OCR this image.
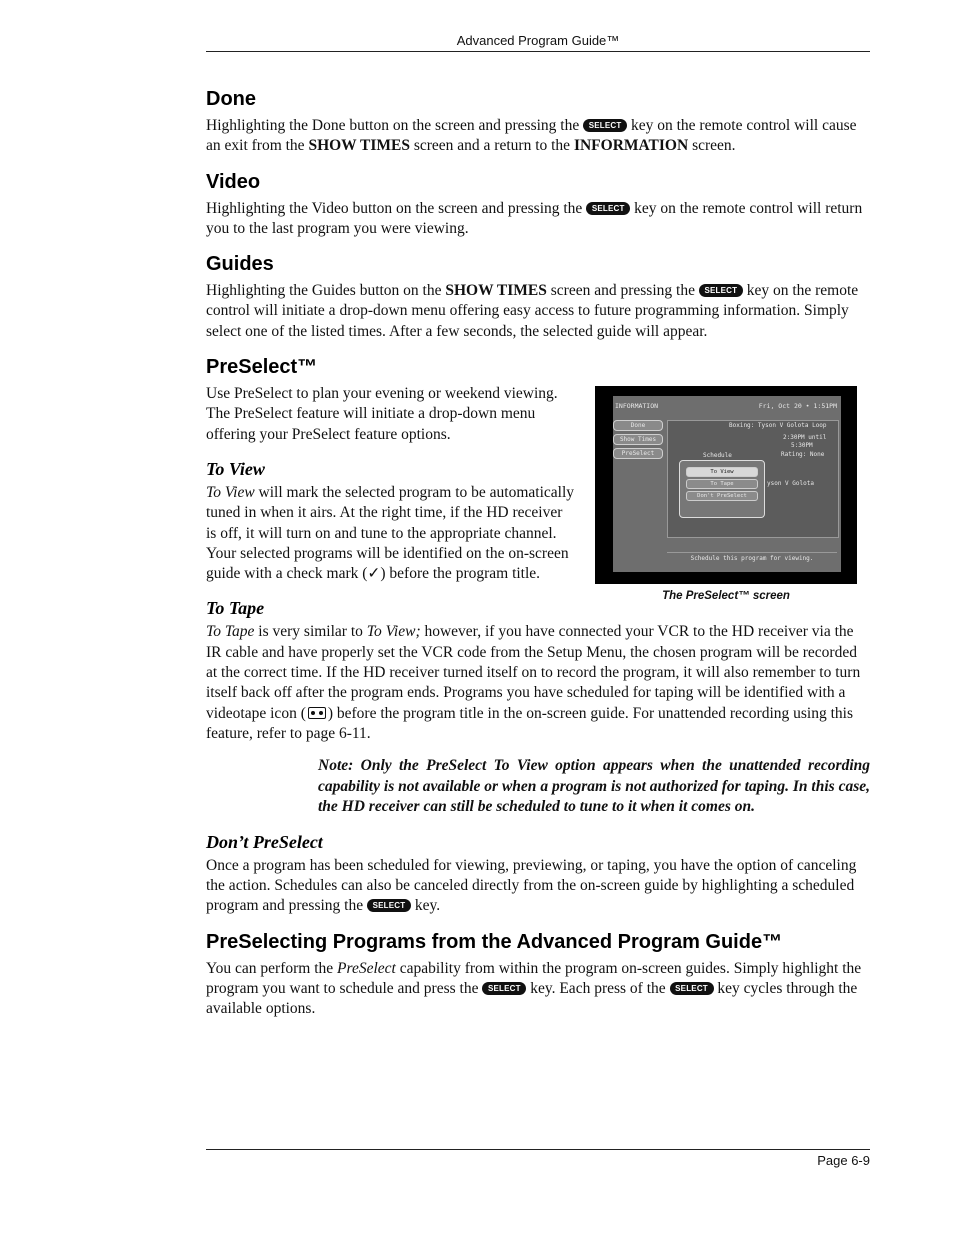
Advanced Program Guide™
Done

Highlighting the Done button on the screen and pressing the SELECT key on the remote control will cause an exit from the SHOW TIMES screen and a return to the INFORMATION screen.

Video

Highlighting the Video button on the screen and pressing the SELECT key on the remote control will return you to the last program you were viewing.

Guides

Highlighting the Guides button on the SHOW TIMES screen and pressing the SELECT key on the remote control will initiate a drop-down menu offering easy access to future programming information. Simply select one of the listed times. After a few seconds, the selected guide will appear.

PreSelect™
INFORMATION	Fri, Oct 20 • 1:51PM
Done
Show Times
PreSelect
Boxing: Tyson V Golota Loop
2:30PM until
5:30PM
Rating: None
Schedule
yson V Golota
To View
To Tape
Don't PreSelect
Schedule this program for viewing.
The PreSelect™ screen

Use PreSelect to plan your evening or weekend viewing. The PreSelect feature will initiate a drop-down menu offering your PreSelect feature options.

To View

To View will mark the selected program to be automatically tuned in when it airs. At the right time, if the HD receiver is off, it will turn on and tune to the appropriate channel. Your selected programs will be identified on the on-screen guide with a check mark (✓) before the program title.

To Tape

To Tape is very similar to To View; however, if you have connected your VCR to the HD receiver via the IR cable and have properly set the VCR code from the Setup Menu, the chosen program will be recorded at the correct time. If the HD receiver turned itself on to record the program, it will also remember to turn itself back off after the program ends. Programs you have scheduled for taping will be identified with a videotape icon ( ) before the program title in the on-screen guide. For unattended recording using this feature, refer to page 6-11.

Note: Only the PreSelect To View option appears when the unattended recording capability is not available or when a program is not authorized for taping. In this case, the HD receiver can still be scheduled to tune to it when it comes on.
Don’t PreSelect

Once a program has been scheduled for viewing, previewing, or taping, you have the option of canceling the action. Schedules can also be canceled directly from the on-screen guide by highlighting a scheduled program and pressing the SELECT key.

PreSelecting Programs from the Advanced Program Guide™

You can perform the PreSelect capability from within the program on-screen guides. Simply highlight the program you want to schedule and press the SELECT key. Each press of the SELECT key cycles through the available options.

Page 6-9
